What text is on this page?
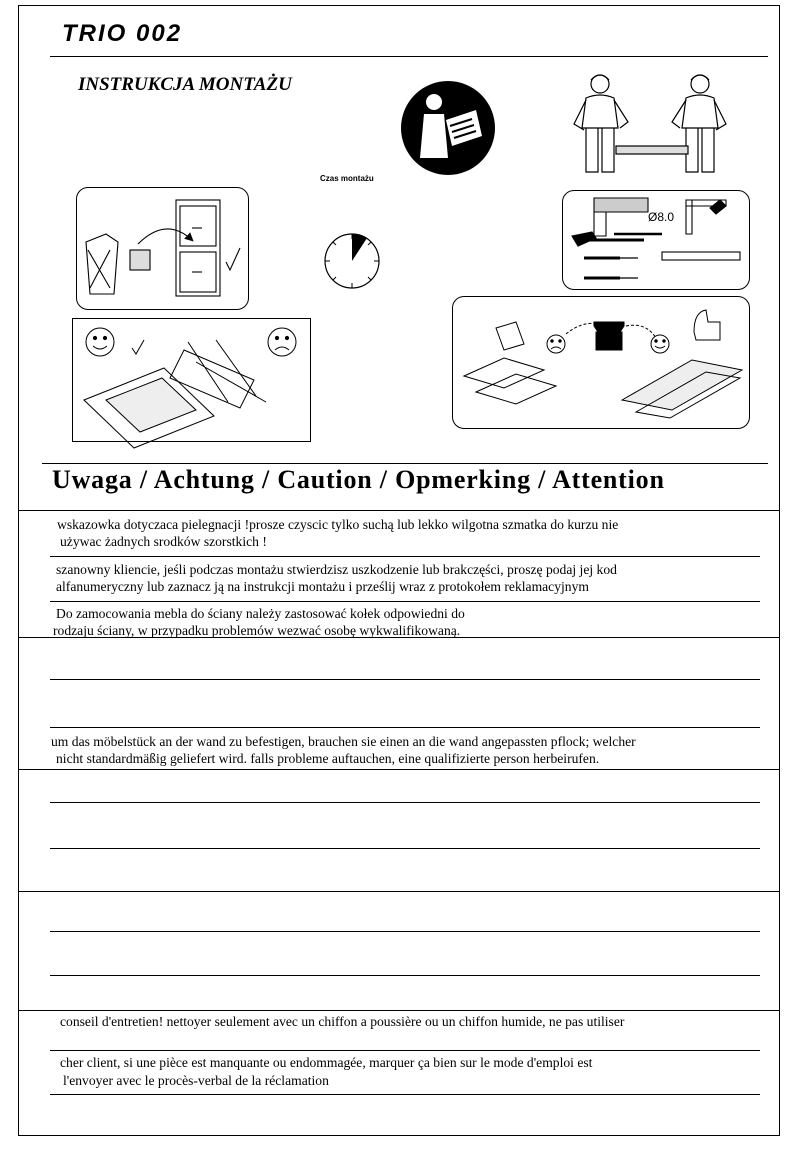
TRIO 002
INSTRUKCJA MONTAŻU
Czas montażu
Ø8.0
Uwaga / Achtung / Caution / Opmerking / Attention
wskazowka dotyczaca pielegnacji !prosze czyscic tylko suchą lub lekko wilgotna szmatka do kurzu nie
używac żadnych srodków szorstkich !
szanowny kliencie, jeśli podczas montażu stwierdzisz uszkodzenie lub brakczęści, proszę podaj jej kod
alfanumeryczny lub zaznacz ją na instrukcji montażu i prześlij wraz z protokołem reklamacyjnym
Do zamocowania mebla do ściany należy zastosować kołek odpowiedni do
rodzaju ściany, w przypadku problemów wezwać osobę wykwalifikowaną.
um das möbelstück an der wand zu befestigen, brauchen sie einen an die wand angepassten pflock; welcher
nicht standardmäßig geliefert wird. falls probleme auftauchen, eine qualifizierte person herbeirufen.
conseil d'entretien! nettoyer seulement avec un chiffon a poussière ou un chiffon humide, ne pas utiliser
cher client, si une pièce est manquante ou endommagée, marquer ça bien sur le mode d'emploi est
l'envoyer avec le procès-verbal de la réclamation
